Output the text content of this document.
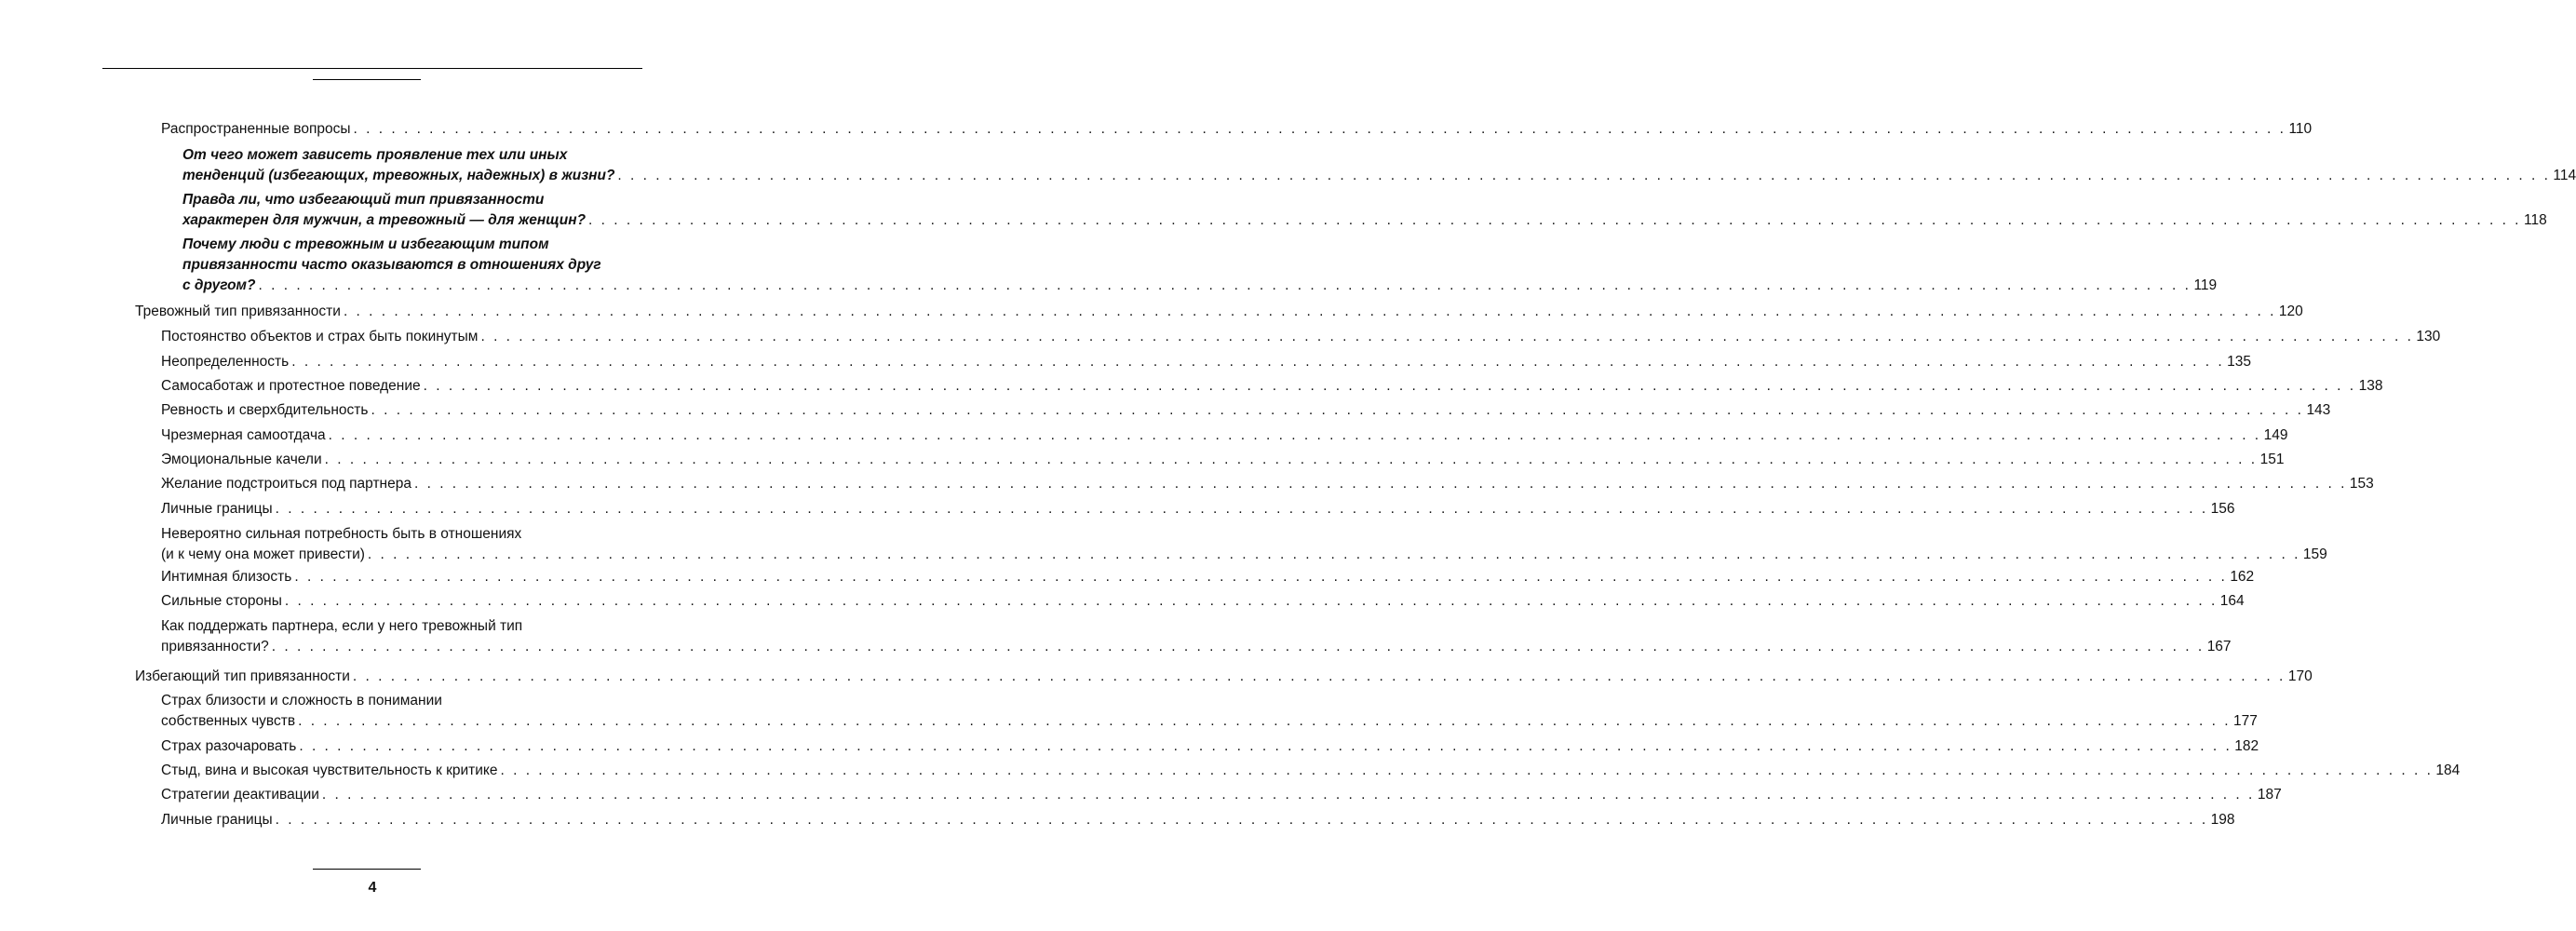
Распространенные вопросы . . .	110
От чего может зависеть проявление тех или иных
тенденций (избегающих, тревожных, надежных) в жизни? . . .	114
Правда ли, что избегающий тип привязанности
характерен для мужчин, а тревожный — для женщин? . . .	118
Почему люди с тревожным и избегающим типом
привязанности часто оказываются в отношениях друг
с другом? . . .	119
Тревожный тип привязанности . . .	120
Постоянство объектов и страх быть покинутым . . .	130
Неопределенность . . .	135
Самосаботаж и протестное поведение . . .	138
Ревность и сверхбдительность . . .	143
Чрезмерная самоотдача . . .	149
Эмоциональные качели . . .	151
Желание подстроиться под партнера . . .	153
Личные границы . . .	156
Невероятно сильная потребность быть в отношениях
(и к чему она может привести) . . .	159
Интимная близость . . .	162
Сильные стороны . . .	164
Как поддержать партнера, если у него тревожный тип
привязанности? . . .	167
Избегающий тип привязанности . . .	170
Страх близости и сложность в понимании
собственных чувств . . .	177
Страх разочаровать . . .	182
Стыд, вина и высокая чувствительность к критике . . .	184
Стратегии деактивации . . .	187
Личные границы . . .	198
4
